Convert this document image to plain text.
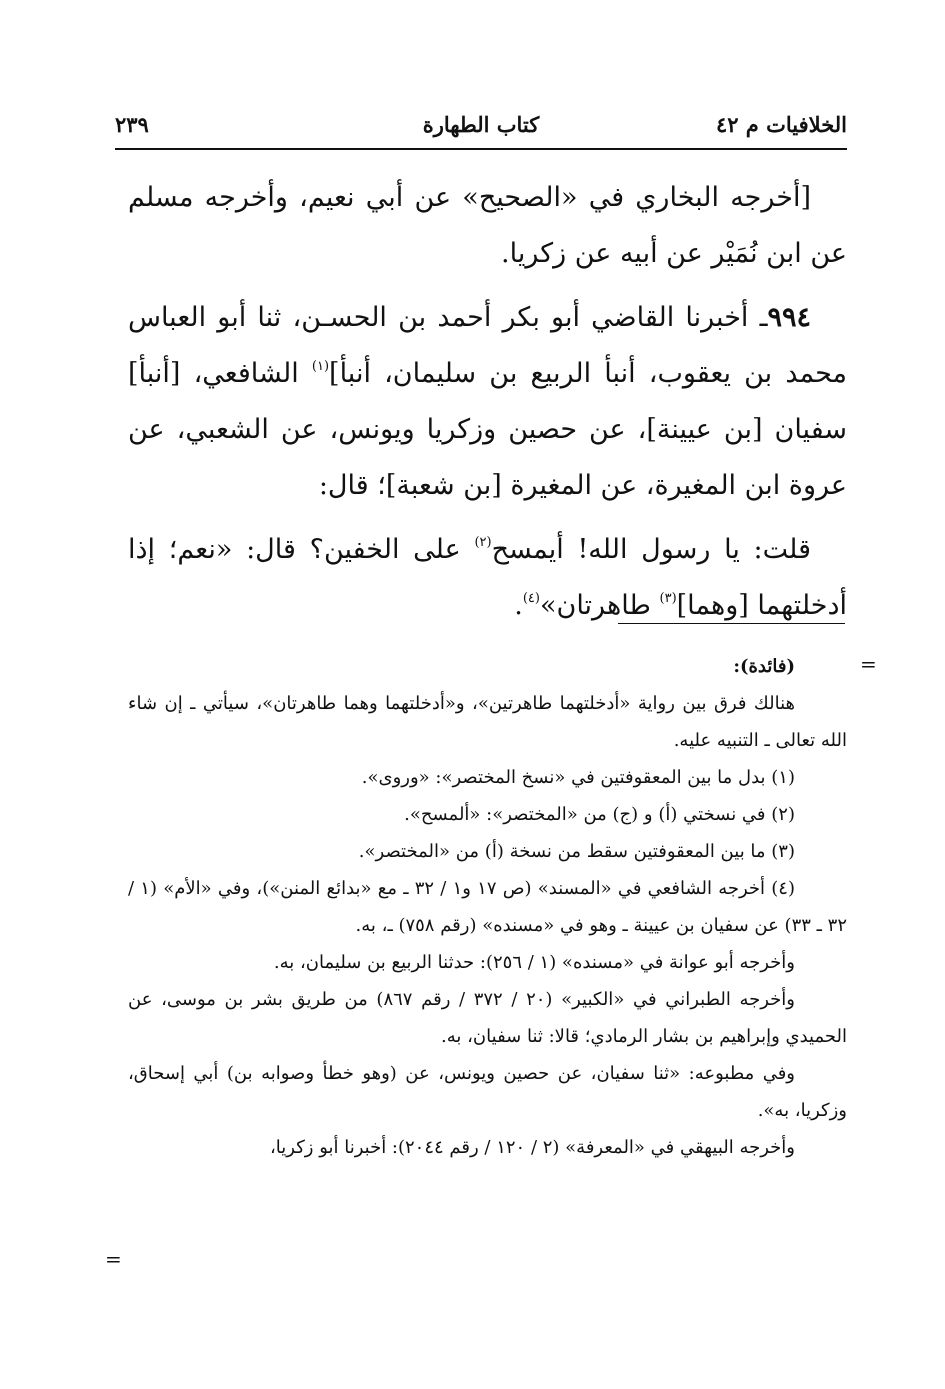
الخلافيات م ٤٢
كتاب الطهارة
٢٣٩

[أخرجه البخاري في «الصحيح» عن أبي نعيم، وأخرجه مسلم عن ابن نُمَيْر عن أبيه عن زكريا.

٩٩٤ـ أخبرنا القاضي أبو بكر أحمد بن الحسـن، ثنا أبو العباس محمد بن يعقوب، أنبأ الربيع بن سليمان، أنبأ]$^{(١)}$ الشافعي، [أنبأ] سفيان [بن عيينة]، عن حصين وزكريا ويونس، عن الشعبي، عن عروة ابن المغيرة، عن المغيرة [بن شعبة]؛ قال:

قلت: يا رسول الله! أيمسح$^{(٢)}$ على الخفين؟ قال: «نعم؛ إذا أدخلتهما [وهما]$^{(٣)}$ طاهرتان»$^{(٤)}$.

=

(فائدة):

هنالك فرق بين رواية «أدخلتهما طاهرتين»، و«أدخلتهما وهما طاهرتان»، سيأتي ـ إن شاء الله تعالى ـ التنبيه عليه.

(١) بدل ما بين المعقوفتين في «نسخ المختصر»: «وروى».

(٢) في نسختي (أ) و (ج) من «المختصر»: «ألمسح».

(٣) ما بين المعقوفتين سقط من نسخة (أ) من «المختصر».

(٤) أخرجه الشافعي في «المسند» (ص ١٧ و١ / ٣٢ ـ مع «بدائع المنن»)، وفي «الأم» (١ / ٣٢ ـ ٣٣) عن سفيان بن عيينة ـ وهو في «مسنده» (رقم ٧٥٨) ـ، به.

وأخرجه أبو عوانة في «مسنده» (١ / ٢٥٦): حدثنا الربيع بن سليمان، به.

وأخرجه الطبراني في «الكبير» (٢٠ / ٣٧٢ / رقم ٨٦٧) من طريق بشر بن موسى، عن الحميدي وإبراهيم بن بشار الرمادي؛ قالا: ثنا سفيان، به.

وفي مطبوعه: «ثنا سفيان، عن حصين ويونس، عن (وهو خطأ وصوابه بن) أبي إسحاق، وزكريا، به».

وأخرجه البيهقي في «المعرفة» (٢ / ١٢٠ / رقم ٢٠٤٤): أخبرنا أبو زكريا،

=
